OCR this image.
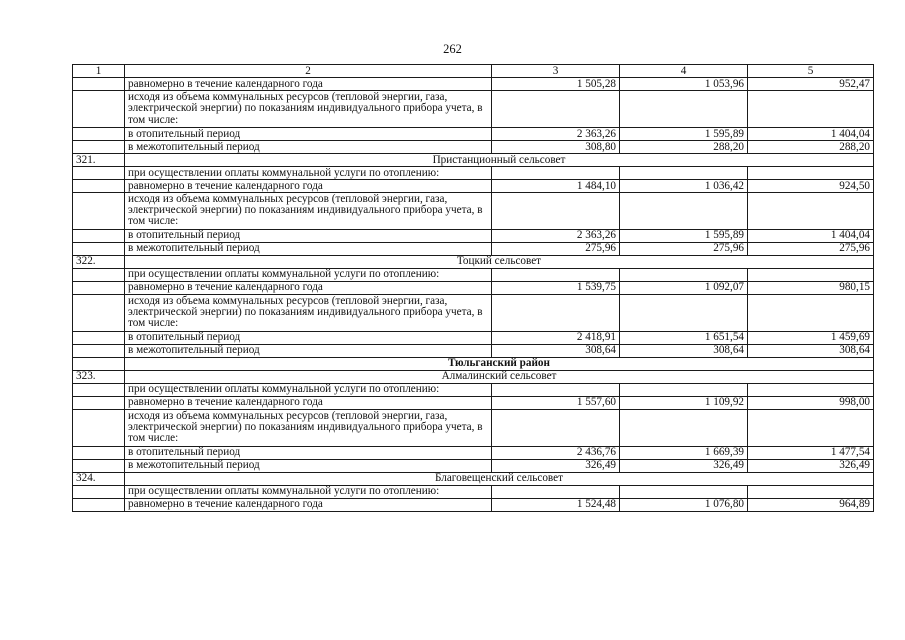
262
1	2	3	4	5
	равномерно в течение календарного года	1 505,28	1 053,96	952,47
	исходя из объема коммунальных ресурсов (тепловой энергии, газа, электрической энергии) по показаниям индивидуального прибора учета, в том числе:			
	в отопительный период	2 363,26	1 595,89	1 404,04
	в межотопительный период	308,80	288,20	288,20
321.	Пристанционный сельсовет			
	при осуществлении оплаты коммунальной услуги по отоплению:			
	равномерно в течение календарного года	1 484,10	1 036,42	924,50
	исходя из объема коммунальных ресурсов (тепловой энергии, газа, электрической энергии) по показаниям индивидуального прибора учета, в том числе:			
	в отопительный период	2 363,26	1 595,89	1 404,04
	в межотопительный период	275,96	275,96	275,96
322.	Тоцкий сельсовет			
	при осуществлении оплаты коммунальной услуги по отоплению:			
	равномерно в течение календарного года	1 539,75	1 092,07	980,15
	исходя из объема коммунальных ресурсов (тепловой энергии, газа, электрической энергии) по показаниям индивидуального прибора учета, в том числе:			
	в отопительный период	2 418,91	1 651,54	1 459,69
	в межотопительный период	308,64	308,64	308,64
	Тюльганский район			
323.	Алмалинский сельсовет			
	при осуществлении оплаты коммунальной услуги по отоплению:			
	равномерно в течение календарного года	1 557,60	1 109,92	998,00
	исходя из объема коммунальных ресурсов (тепловой энергии, газа, электрической энергии) по показаниям индивидуального прибора учета, в том числе:			
	в отопительный период	2 436,76	1 669,39	1 477,54
	в межотопительный период	326,49	326,49	326,49
324.	Благовещенский сельсовет			
	при осуществлении оплаты коммунальной услуги по отоплению:			
	равномерно в течение календарного года	1 524,48	1 076,80	964,89
